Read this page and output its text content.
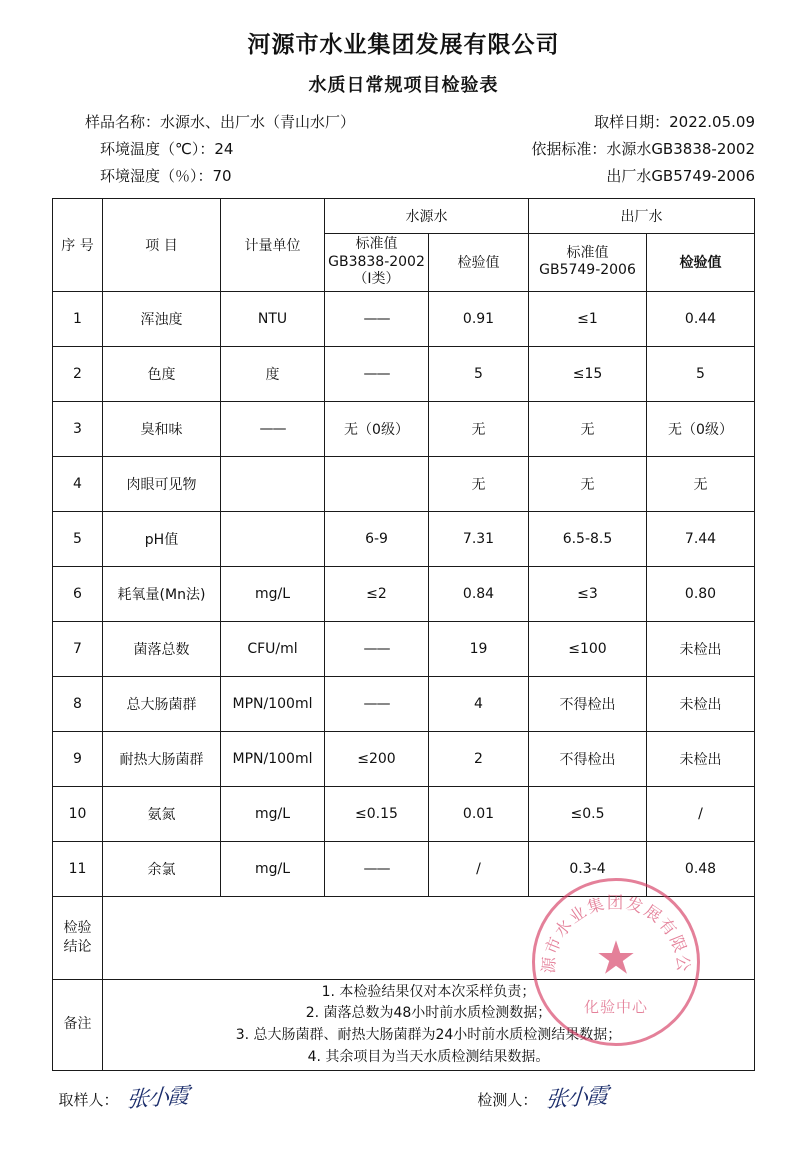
河源市水业集团发展有限公司
水质日常规项目检验表
样品名称：水源水、出厂水（青山水厂）	取样日期：2022.05.09
环境温度（℃）：24	依据标准：水源水GB3838-2002
环境湿度（％）：70	出厂水GB5749-2006
序 号	项 目	计量单位	水源水		出厂水	

标准值
GB3838-2002
（Ⅰ类）
	检验值	
标准值
GB5749-2006	检验值
1	浑浊度	NTU	——	0.91	≤1	0.44
2	色度	度	——	5	≤15	5
3	臭和味	——	无（0级）	无	无	无（0级）
4	肉眼可见物			无	无	无
5	pH值		6-9	7.31	6.5-8.5	7.44
6	耗氧量(Mn法)	mg/L	≤2	0.84	≤3	0.80
7	菌落总数	CFU/ml	——	19	≤100	未检出
8	总大肠菌群	MPN/100ml	——	4	不得检出	未检出
9	耐热大肠菌群	MPN/100ml	≤200	2	不得检出	未检出
10	氨氮	mg/L	≤0.15	0.01	≤0.5	/
11	余氯	mg/L	——	/	0.3-4	0.48

检验
结论						

备注	1. 本检验结果仅对本次采样负责；
2. 菌落总数为48小时前水质检测数据；
3. 总大肠菌群、耐热大肠菌群为24小时前水质检测结果数据；
4. 其余项目为当天水质检测结果数据。					
取样人： 张小霞	检测人： 张小霞
河源市水业集团发展有限公司
★
化验中心
